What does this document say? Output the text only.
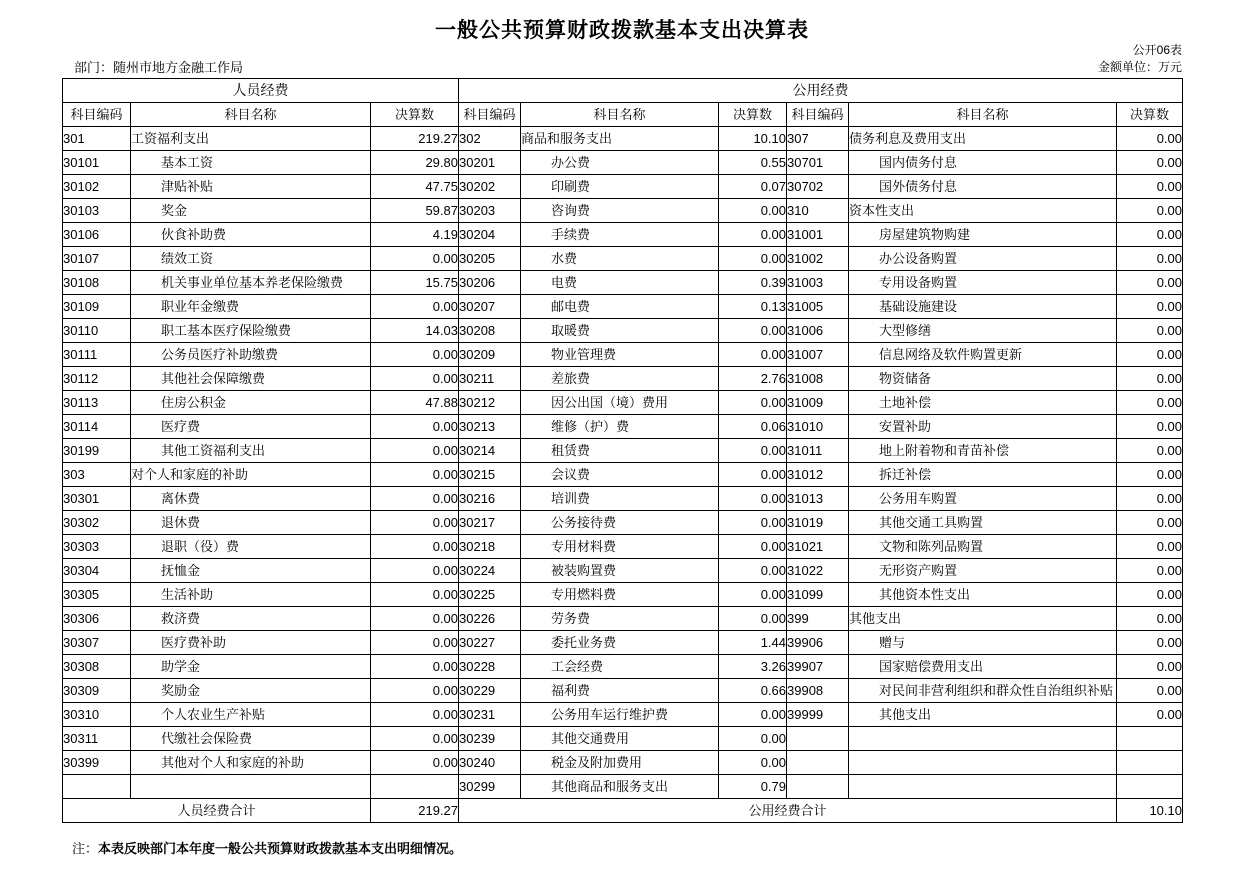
一般公共预算财政拨款基本支出决算表
公开06表
金额单位：万元
部门：随州市地方金融工作局
人员经费			公用经费					
科目编码	科目名称	决算数	科目编码	科目名称	决算数	科目编码	科目名称	决算数
301	工资福利支出	219.27	302	商品和服务支出	10.10	307	债务利息及费用支出	0.00
30101	基本工资	29.80	30201	办公费	0.55	30701	国内债务付息	0.00
30102	津贴补贴	47.75	30202	印刷费	0.07	30702	国外债务付息	0.00
30103	奖金	59.87	30203	咨询费	0.00	310	资本性支出	0.00
30106	伙食补助费	4.19	30204	手续费	0.00	31001	房屋建筑物购建	0.00
30107	绩效工资	0.00	30205	水费	0.00	31002	办公设备购置	0.00
30108	机关事业单位基本养老保险缴费	15.75	30206	电费	0.39	31003	专用设备购置	0.00
30109	职业年金缴费	0.00	30207	邮电费	0.13	31005	基础设施建设	0.00
30110	职工基本医疗保险缴费	14.03	30208	取暖费	0.00	31006	大型修缮	0.00
30111	公务员医疗补助缴费	0.00	30209	物业管理费	0.00	31007	信息网络及软件购置更新	0.00
30112	其他社会保障缴费	0.00	30211	差旅费	2.76	31008	物资储备	0.00
30113	住房公积金	47.88	30212	因公出国（境）费用	0.00	31009	土地补偿	0.00
30114	医疗费	0.00	30213	维修（护）费	0.06	31010	安置补助	0.00
30199	其他工资福利支出	0.00	30214	租赁费	0.00	31011	地上附着物和青苗补偿	0.00
303	对个人和家庭的补助	0.00	30215	会议费	0.00	31012	拆迁补偿	0.00
30301	离休费	0.00	30216	培训费	0.00	31013	公务用车购置	0.00
30302	退休费	0.00	30217	公务接待费	0.00	31019	其他交通工具购置	0.00
30303	退职（役）费	0.00	30218	专用材料费	0.00	31021	文物和陈列品购置	0.00
30304	抚恤金	0.00	30224	被装购置费	0.00	31022	无形资产购置	0.00
30305	生活补助	0.00	30225	专用燃料费	0.00	31099	其他资本性支出	0.00
30306	救济费	0.00	30226	劳务费	0.00	399	其他支出	0.00
30307	医疗费补助	0.00	30227	委托业务费	1.44	39906	赠与	0.00
30308	助学金	0.00	30228	工会经费	3.26	39907	国家赔偿费用支出	0.00
30309	奖励金	0.00	30229	福利费	0.66	39908	对民间非营利组织和群众性自治组织补贴	0.00
30310	个人农业生产补贴	0.00	30231	公务用车运行维护费	0.00	39999	其他支出	0.00
30311	代缴社会保险费	0.00	30239	其他交通费用	0.00			
30399	其他对个人和家庭的补助	0.00	30240	税金及附加费用	0.00			
			30299	其他商品和服务支出	0.79			
人员经费合计		219.27	公用经费合计					10.10
注：本表反映部门本年度一般公共预算财政拨款基本支出明细情况。
